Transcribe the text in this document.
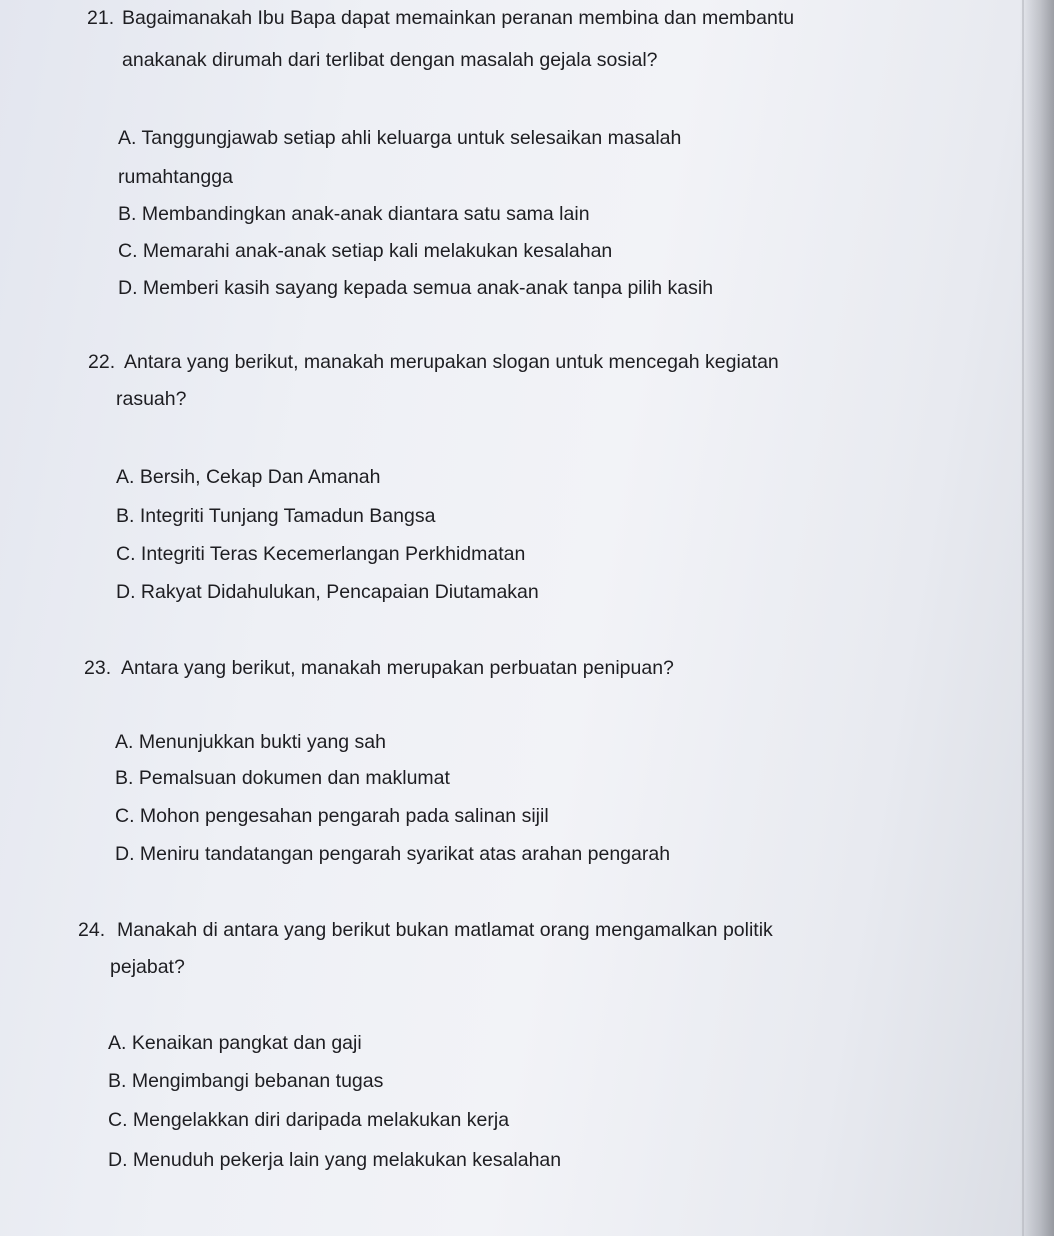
21. Bagaimanakah Ibu Bapa dapat memainkan peranan membina dan membantu
anakanak dirumah dari terlibat dengan masalah gejala sosial?
A. Tanggungjawab setiap ahli keluarga untuk selesaikan masalah
rumahtangga
B. Membandingkan anak-anak diantara satu sama lain
C. Memarahi anak-anak setiap kali melakukan kesalahan
D. Memberi kasih sayang kepada semua anak-anak tanpa pilih kasih
22. Antara yang berikut, manakah merupakan slogan untuk mencegah kegiatan
rasuah?
A. Bersih, Cekap Dan Amanah
B. Integriti Tunjang Tamadun Bangsa
C. Integriti Teras Kecemerlangan Perkhidmatan
D. Rakyat Didahulukan, Pencapaian Diutamakan
23. Antara yang berikut, manakah merupakan perbuatan penipuan?
A. Menunjukkan bukti yang sah
B. Pemalsuan dokumen dan maklumat
C. Mohon pengesahan pengarah pada salinan sijil
D. Meniru tandatangan pengarah syarikat atas arahan pengarah
24. Manakah di antara yang berikut bukan matlamat orang mengamalkan politik
pejabat?
A. Kenaikan pangkat dan gaji
B. Mengimbangi bebanan tugas
C. Mengelakkan diri daripada melakukan kerja
D. Menuduh pekerja lain yang melakukan kesalahan
